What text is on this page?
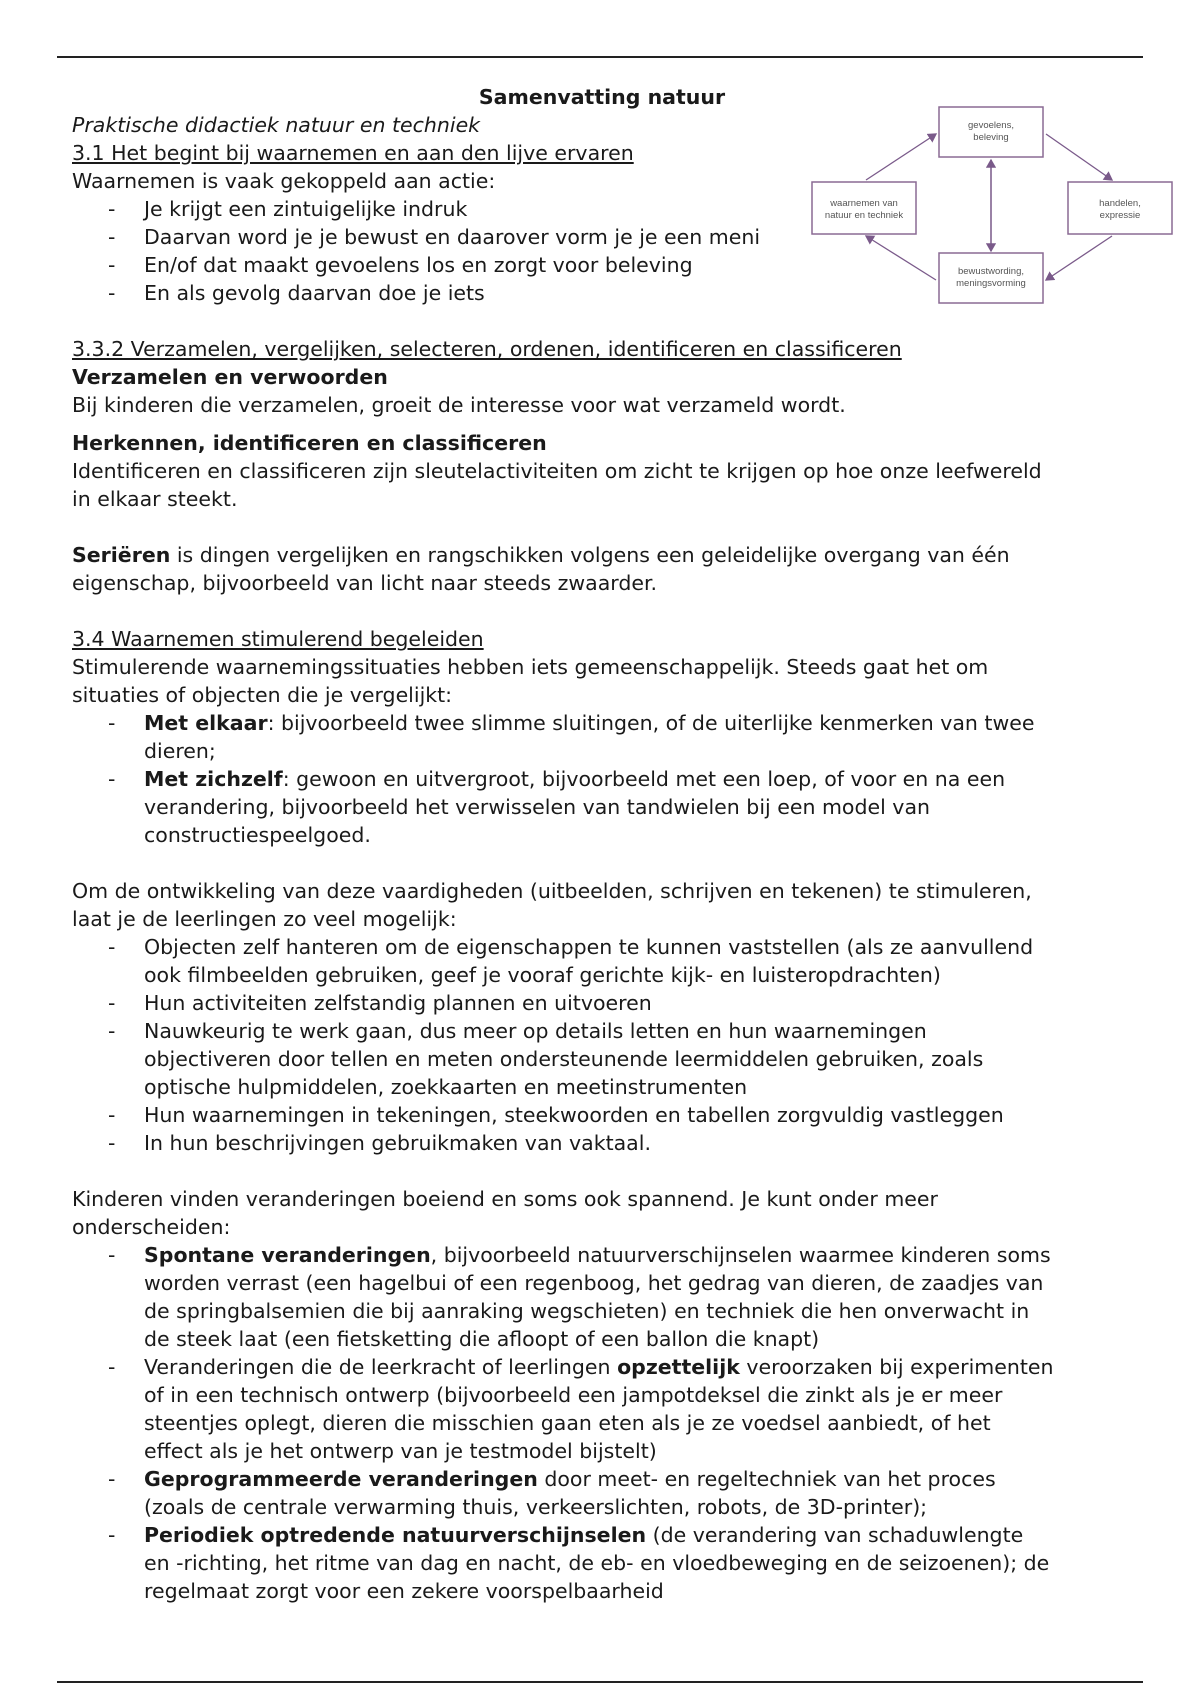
gevoelens,
beleving
waarnemen van
natuur en techniek
handelen,
expressie
bewustwording,
meningsvorming
Samenvatting natuur

Praktische didactiek natuur en techniek

3.1 Het begint bij waarnemen en aan den lijve ervaren

Waarnemen is vaak gekoppeld aan actie:

- Je krijgt een zintuigelijke indruk
- Daarvan word je je bewust en daarover vorm je je een meni
- En/of dat maakt gevoelens los en zorgt voor beleving
- En als gevolg daarvan doe je iets

3.3.2 Verzamelen, vergelijken, selecteren, ordenen, identificeren en classificeren

Verzamelen en verwoorden

Bij kinderen die verzamelen, groeit de interesse voor wat verzameld wordt.

Herkennen, identificeren en classificeren

Identificeren en classificeren zijn sleutelactiviteiten om zicht te krijgen op hoe onze leefwereld

in elkaar steekt.

Seriëren is dingen vergelijken en rangschikken volgens een geleidelijke overgang van één

eigenschap, bijvoorbeeld van licht naar steeds zwaarder.

3.4 Waarnemen stimulerend begeleiden

Stimulerende waarnemingssituaties hebben iets gemeenschappelijk. Steeds gaat het om

situaties of objecten die je vergelijkt:

- Met elkaar: bijvoorbeeld twee slimme sluitingen, of de uiterlijke kenmerken van twee
dieren;
- Met zichzelf: gewoon en uitvergroot, bijvoorbeeld met een loep, of voor en na een
verandering, bijvoorbeeld het verwisselen van tandwielen bij een model van
constructiespeelgoed.

Om de ontwikkeling van deze vaardigheden (uitbeelden, schrijven en tekenen) te stimuleren,

laat je de leerlingen zo veel mogelijk:

- Objecten zelf hanteren om de eigenschappen te kunnen vaststellen (als ze aanvullend
ook filmbeelden gebruiken, geef je vooraf gerichte kijk- en luisteropdrachten)
- Hun activiteiten zelfstandig plannen en uitvoeren
- Nauwkeurig te werk gaan, dus meer op details letten en hun waarnemingen
objectiveren door tellen en meten ondersteunende leermiddelen gebruiken, zoals
optische hulpmiddelen, zoekkaarten en meetinstrumenten
- Hun waarnemingen in tekeningen, steekwoorden en tabellen zorgvuldig vastleggen
- In hun beschrijvingen gebruikmaken van vaktaal.

Kinderen vinden veranderingen boeiend en soms ook spannend. Je kunt onder meer

onderscheiden:

- Spontane veranderingen, bijvoorbeeld natuurverschijnselen waarmee kinderen soms
worden verrast (een hagelbui of een regenboog, het gedrag van dieren, de zaadjes van
de springbalsemien die bij aanraking wegschieten) en techniek die hen onverwacht in
de steek laat (een fietsketting die afloopt of een ballon die knapt)
- Veranderingen die de leerkracht of leerlingen opzettelijk veroorzaken bij experimenten
of in een technisch ontwerp (bijvoorbeeld een jampotdeksel die zinkt als je er meer
steentjes oplegt, dieren die misschien gaan eten als je ze voedsel aanbiedt, of het
effect als je het ontwerp van je testmodel bijstelt)
- Geprogrammeerde veranderingen door meet- en regeltechniek van het proces
(zoals de centrale verwarming thuis, verkeerslichten, robots, de 3D-printer);
- Periodiek optredende natuurverschijnselen (de verandering van schaduwlengte
en -richting, het ritme van dag en nacht, de eb- en vloedbeweging en de seizoenen); de
regelmaat zorgt voor een zekere voorspelbaarheid
